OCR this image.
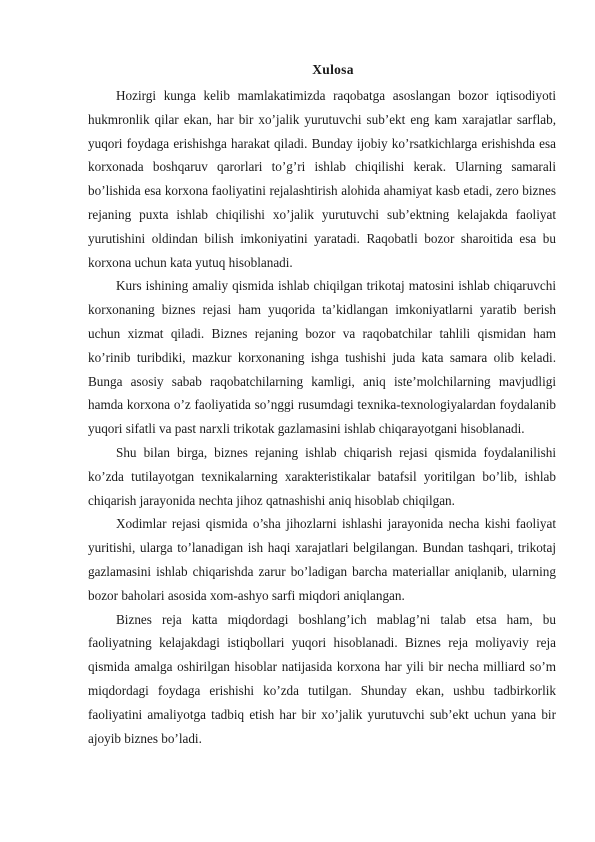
Xulosa

Hozirgi kunga kelib mamlakatimizda raqobatga asoslangan bozor iqtisodiyoti hukmronlik qilar ekan, har bir xo’jalik yurutuvchi sub’ekt eng kam xarajatlar sarflab, yuqori foydaga erishishga harakat qiladi. Bunday ijobiy ko’rsatkichlarga erishishda esa korxonada boshqaruv qarorlari to’g’ri ishlab chiqilishi kerak. Ularning samarali bo’lishida esa korxona faoliyatini rejalashtirish alohida ahamiyat kasb etadi, zero biznes rejaning puxta ishlab chiqilishi xo’jalik yurutuvchi sub’ektning kelajakda faoliyat yurutishini oldindan bilish imkoniyatini yaratadi. Raqobatli bozor sharoitida esa bu korxona uchun kata yutuq hisoblanadi.

Kurs ishining amaliy qismida ishlab chiqilgan trikotaj matosini ishlab chiqaruvchi korxonaning biznes rejasi ham yuqorida ta’kidlangan imkoniyatlarni yaratib berish uchun xizmat qiladi. Biznes rejaning bozor va raqobatchilar tahlili qismidan ham ko’rinib turibdiki, mazkur korxonaning ishga tushishi juda kata samara olib keladi. Bunga asosiy sabab raqobatchilarning kamligi, aniq iste’molchilarning mavjudligi hamda korxona o’z faoliyatida so’nggi rusumdagi texnika-texnologiyalardan foydalanib yuqori sifatli va past narxli trikotak gazlamasini ishlab chiqarayotgani hisoblanadi.

Shu bilan birga, biznes rejaning ishlab chiqarish rejasi qismida foydalanilishi ko’zda tutilayotgan texnikalarning xarakteristikalar batafsil yoritilgan bo’lib, ishlab chiqarish jarayonida nechta jihoz qatnashishi aniq hisoblab chiqilgan.

Xodimlar rejasi qismida o’sha jihozlarni ishlashi jarayonida necha kishi faoliyat yuritishi, ularga to’lanadigan ish haqi xarajatlari belgilangan. Bundan tashqari, trikotaj gazlamasini ishlab chiqarishda zarur bo’ladigan barcha materiallar aniqlanib, ularning bozor baholari asosida xom-ashyo sarfi miqdori aniqlangan.

Biznes reja katta miqdordagi boshlang’ich mablag’ni talab etsa ham, bu faoliyatning kelajakdagi istiqbollari yuqori hisoblanadi. Biznes reja moliyaviy reja qismida amalga oshirilgan hisoblar natijasida korxona har yili bir necha milliard so’m miqdordagi foydaga erishishi ko’zda tutilgan. Shunday ekan, ushbu tadbirkorlik faoliyatini amaliyotga tadbiq etish har bir xo’jalik yurutuvchi sub’ekt uchun yana bir ajoyib biznes bo’ladi.
